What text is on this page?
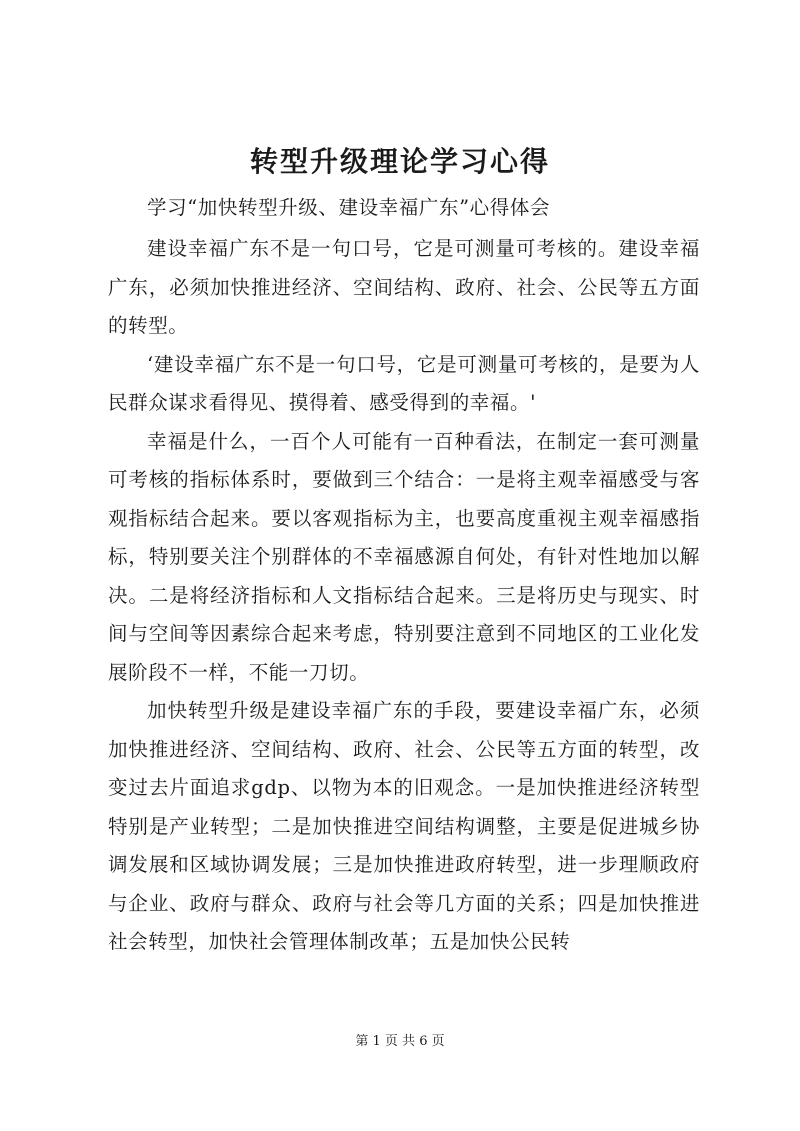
转型升级理论学习心得

学习“加快转型升级、建设幸福广东”心得体会

建设幸福广东不是一句口号，它是可测量可考核的。建设幸福广东，必须加快推进经济、空间结构、政府、社会、公民等五方面的转型。

‘建设幸福广东不是一句口号，它是可测量可考核的，是要为人民群众谋求看得见、摸得着、感受得到的幸福。'

幸福是什么，一百个人可能有一百种看法，在制定一套可测量可考核的指标体系时，要做到三个结合：一是将主观幸福感受与客观指标结合起来。要以客观指标为主，也要高度重视主观幸福感指标，特别要关注个别群体的不幸福感源自何处，有针对性地加以解决。二是将经济指标和人文指标结合起来。三是将历史与现实、时间与空间等因素综合起来考虑，特别要注意到不同地区的工业化发展阶段不一样，不能一刀切。

加快转型升级是建设幸福广东的手段，要建设幸福广东，必须加快推进经济、空间结构、政府、社会、公民等五方面的转型，改变过去片面追求gdp、以物为本的旧观念。一是加快推进经济转型特别是产业转型；二是加快推进空间结构调整，主要是促进城乡协调发展和区域协调发展；三是加快推进政府转型，进一步理顺政府与企业、政府与群众、政府与社会等几方面的关系；四是加快推进社会转型，加快社会管理体制改革；五是加快公民转

第 1 页 共 6 页
